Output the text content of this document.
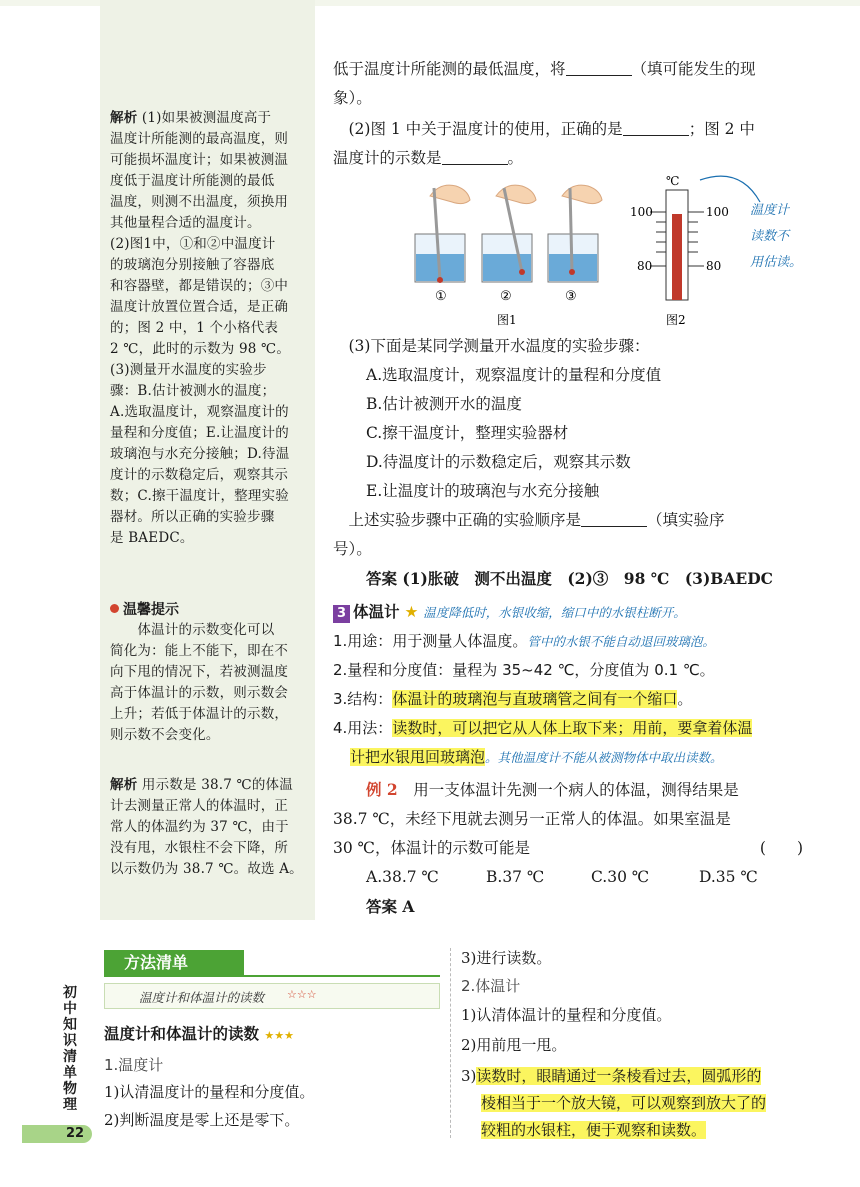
解析 (1)如果被测温度高于
温度计所能测的最高温度，则
可能损坏温度计；如果被测温
度低于温度计所能测的最低
温度，则测不出温度，须换用
其他量程合适的温度计。
(2)图1中，①和②中温度计
的玻璃泡分别接触了容器底
和容器壁，都是错误的；③中
温度计放置位置合适，是正确
的；图 2 中，1 个小格代表
2 ℃，此时的示数为 98 ℃。
(3)测量开水温度的实验步
骤：B.估计被测水的温度；
A.选取温度计，观察温度计的
量程和分度值；E.让温度计的
玻璃泡与水充分接触；D.待温
度计的示数稳定后，观察其示
数；C.擦干温度计，整理实验
器材。所以正确的实验步骤
是 BAEDC。
温馨提示
　　体温计的示数变化可以
简化为：能上不能下，即在不
向下甩的情况下，若被测温度
高于体温计的示数，则示数会
上升；若低于体温计的示数，
则示数不会变化。
解析 用示数是 38.7 ℃的体温
计去测量正常人的体温时，正
常人的体温约为 37 ℃，由于
没有甩，水银柱不会下降，所
以示数仍为 38.7 ℃。故选 A。
低于温度计所能测的最低温度，将	（填可能发生的现
象）。
　(2)图 1 中关于温度计的使用，正确的是	；图 2 中
温度计的示数是	。
①	②	③
图1
℃
100	100
80	80
图2
温度计
读数不
用估读。
　(3)下面是某同学测量开水温度的实验步骤：
A.选取温度计，观察温度计的量程和分度值
B.估计被测开水的温度
C.擦干温度计，整理实验器材
D.待温度计的示数稳定后，观察其示数
E.让温度计的玻璃泡与水充分接触
　上述实验步骤中正确的实验顺序是	（填实验序
号）。
答案 (1)胀破　测不出温度　(2)③　98 ℃　(3)BAEDC
3 体温计 ★ 温度降低时，水银收缩，缩口中的水银柱断开。
1.用途：用于测量人体温度。管中的水银不能自动退回玻璃泡。
2.量程和分度值：量程为 35~42 ℃，分度值为 0.1 ℃。
3.结构：体温计的玻璃泡与直玻璃管之间有一个缩口。
4.用法：读数时，可以把它从人体上取下来；用前，要拿着体温
计把水银甩回玻璃泡。其他温度计不能从被测物体中取出读数。
例 2　 用一支体温计先测一个病人的体温，测得结果是
38.7 ℃，未经下甩就去测另一正常人的体温。如果室温是
30 ℃，体温计的示数可能是	(　　)
A.38.7 ℃	B.37 ℃	C.30 ℃	D.35 ℃
答案 A
方法清单
温度计和体温计的读数 ☆☆☆
初中知识清单 物理
22
温度计和体温计的读数 ★★★
1.温度计
1)认清温度计的量程和分度值。
2)判断温度是零上还是零下。
3)进行读数。
2.体温计
1)认清体温计的量程和分度值。
2)用前甩一甩。
3)读数时，眼睛通过一条棱看过去，圆弧形的
棱相当于一个放大镜，可以观察到放大了的
较粗的水银柱，便于观察和读数。
